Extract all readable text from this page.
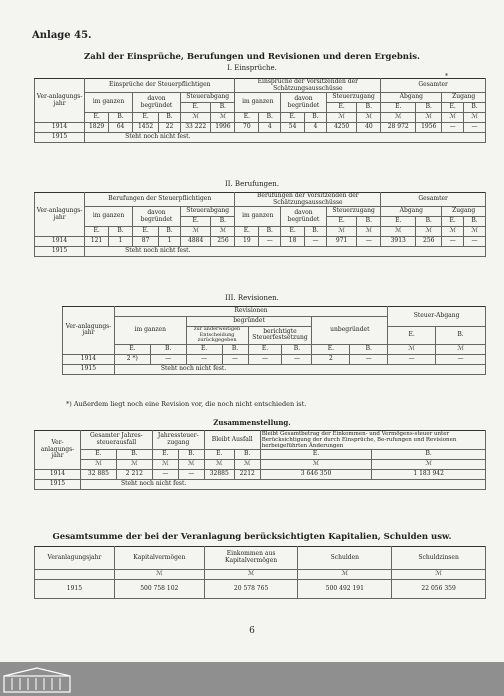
Anlage 45.
Zahl der Einsprüche, Berufungen und Revisionen und deren Ergebnis.
I. Einsprüche.
*
Ver-anlagungs-jahr	Einsprüche der Steuerpflichtigen						Einsprüche der Vorsitzenden der Schätzungsausschüsse						Gesamter			
	im ganzen		davon begründet		Steuerabgang		im ganzen		davon begründet		Steuerzugang		Abgang		Zugang	
					E.	B.					E.	B.	E.	B.	E.	B.
	E.	B.	E.	B.	ℳ	ℳ	E.	B.	E.	B.	ℳ	ℳ	ℳ	ℳ	ℳ	ℳ
1914	1829	64	1452	22	33 222	1996	70	4	54	4	4250	40	28 972	1956	—	—
1915	Steht noch nicht fest.															
II. Berufungen.
Ver-anlagungs-jahr	Berufungen der Steuerpflichtigen						Berufungen der Vorsitzenden der Schätzungsausschüsse						Gesamter			
	im ganzen		davon begründet		Steuerabgang		im ganzen		davon begründet		Steuerzugang		Abgang		Zugang	
					E.	B.					E.	B.	E.	B.	E.	B.
	E.	B.	E.	B.	ℳ	ℳ	E.	B.	E.	B.	ℳ	ℳ	ℳ	ℳ	ℳ	ℳ
1914	121	1	87	1	4884	256	19	—	18	—	971	—	3913	256	—	—
1915	Steht noch nicht fest.															
III. Revisionen.
Ver-anlagungs-jahr	Revisionen								Steuer-Abgang	
	im ganzen		begründet				unbegründet			
			zur anderweitigen Entscheidung zurückgegeben		berichtigte Steuerfestsetzung				E.	B.
	E.	B.	E.	B.	E.	B.	E.	B.	ℳ	ℳ
1914	2 *)	—	—	—	—	—	2	—	—	—
1915	Steht noch nicht fest.									
*) Außerdem liegt noch eine Revision vor, die noch nicht entschieden ist.
Zusammenstellung.
Ver-anlagungs-jahr	Gesamter Jahres-steuerausfall		Jahressteuer-zugang		Bleibt Ausfall		Bleibt Gesamtbetrag der Einkommen- und Vermögens-steuer unter Berücksichtigung der durch Einsprüche, Be-rufungen und Revisionen herbeigeführten Änderungen	
	E.	B.	E.	B.	E.	B.	E.	B.
	ℳ	ℳ	ℳ	ℳ	ℳ	ℳ	ℳ	ℳ
1914	32 885	2 212	—	—	32885	2212	3 646 350	1 183 942
1915	Steht noch nicht fest.							
Gesamtsumme der bei der Veranlagung berücksichtigten Kapitalien, Schulden usw.
Veranlagungsjahr	Kapitalvermögen	Einkommen aus Kapitalvermögen	Schulden	Schuldzinsen
	ℳ	ℳ	ℳ	ℳ
1915	500 758 102	20 578 765	500 492 191	22 056 359
6
